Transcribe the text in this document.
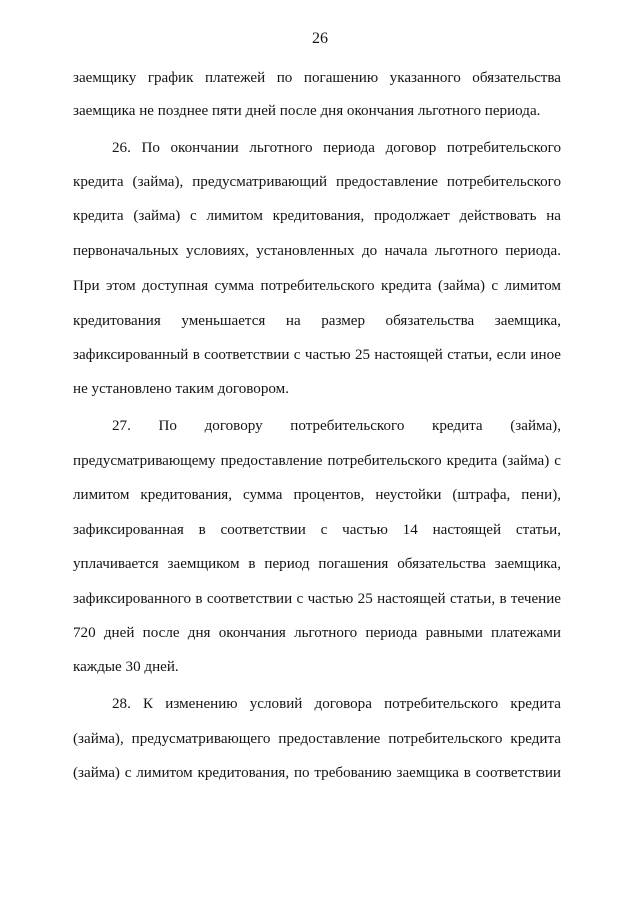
26
заемщику график платежей по погашению указанного обязательства
заемщика не позднее пяти дней после дня окончания льготного периода.
26. По окончании льготного периода договор потребительского
кредита (займа), предусматривающий предоставление потребительского
кредита (займа) с лимитом кредитования, продолжает действовать на
первоначальных условиях, установленных до начала льготного периода.
При этом доступная сумма потребительского кредита (займа) с лимитом
кредитования уменьшается на размер обязательства заемщика,
зафиксированный в соответствии с частью 25 настоящей статьи, если иное
не установлено таким договором.
27. По договору потребительского кредита (займа),
предусматривающему предоставление потребительского кредита (займа) с
лимитом кредитования, сумма процентов, неустойки (штрафа, пени),
зафиксированная в соответствии с частью 14 настоящей статьи,
уплачивается заемщиком в период погашения обязательства заемщика,
зафиксированного в соответствии с частью 25 настоящей статьи, в течение
720 дней после дня окончания льготного периода равными платежами
каждые 30 дней.
28. К изменению условий договора потребительского кредита
(займа), предусматривающего предоставление потребительского кредита
(займа) с лимитом кредитования, по требованию заемщика в соответствии
